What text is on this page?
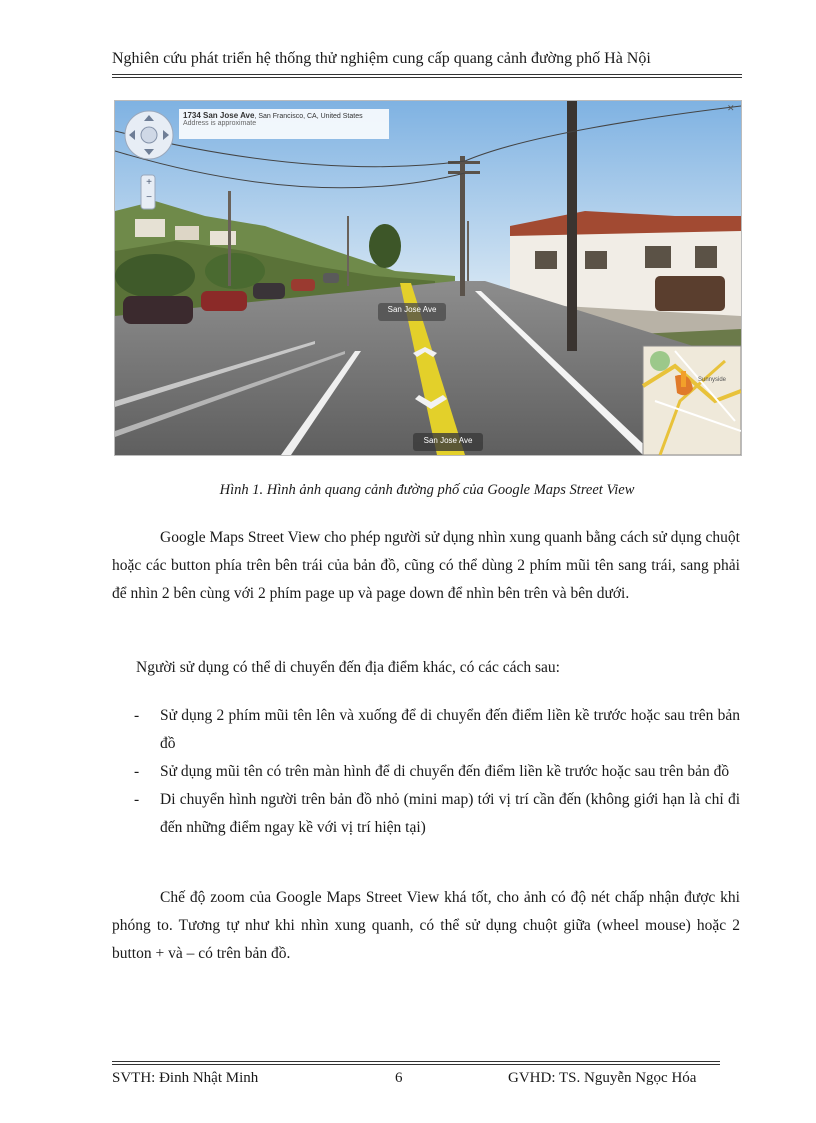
Nghiên cứu phát triển hệ thống thử nghiệm cung cấp quang cảnh đường phố Hà Nội
1734 San Jose Ave, San Francisco, CA, United States
Address is approximate
+
−
San Jose Ave
San Jose Ave
Sunnyside
✕
Hình 1. Hình ảnh quang cảnh đường phố của Google Maps Street View

Google Maps Street View cho phép người sử dụng nhìn xung quanh bằng cách sử dụng chuột hoặc các button phía trên bên trái của bản đồ, cũng có thể dùng 2 phím mũi tên sang trái, sang phải để nhìn 2 bên cùng với 2 phím page up và page down để nhìn bên trên và bên dưới.

Người sử dụng có thể di chuyển đến địa điểm khác, có các cách sau:

- Sử dụng 2 phím mũi tên lên và xuống để di chuyển đến điểm liền kề trước hoặc sau trên bản đồ
- Sử dụng mũi tên có trên màn hình để di chuyển đến điểm liền kề trước hoặc sau trên bản đồ
- Di chuyển hình người trên bản đồ nhỏ (mini map) tới vị trí cần đến (không giới hạn là chỉ đi đến những điểm ngay kề với vị trí hiện tại)

Chế độ zoom của Google Maps Street View khá tốt, cho ảnh có độ nét chấp nhận được khi phóng to. Tương tự như khi nhìn xung quanh, có thể sử dụng chuột giữa (wheel mouse) hoặc 2 button + và – có trên bản đồ.

SVTH: Đinh Nhật Minh	6	GVHD: TS. Nguyễn Ngọc Hóa
